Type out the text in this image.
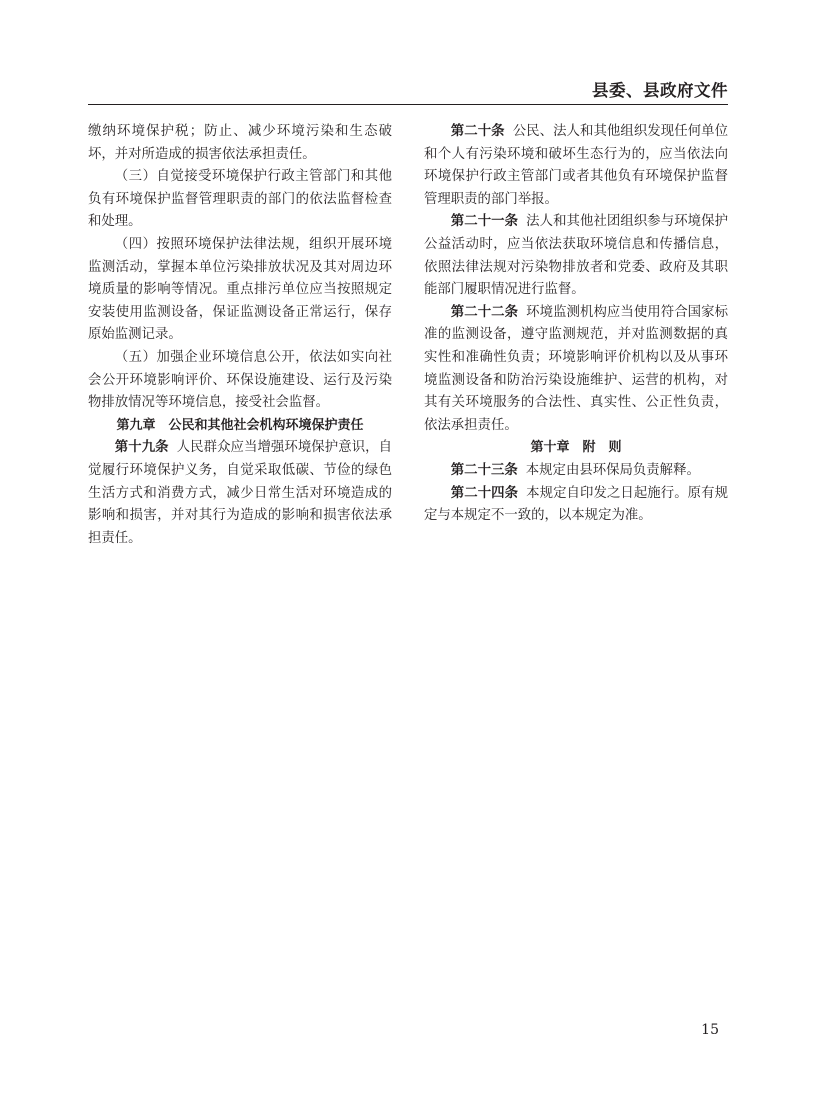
县委、县政府文件

缴纳环境保护税；防止、减少环境污染和生态破坏，并对所造成的损害依法承担责任。

（三）自觉接受环境保护行政主管部门和其他负有环境保护监督管理职责的部门的依法监督检查和处理。

（四）按照环境保护法律法规，组织开展环境监测活动，掌握本单位污染排放状况及其对周边环境质量的影响等情况。重点排污单位应当按照规定安装使用监测设备，保证监测设备正常运行，保存原始监测记录。

（五）加强企业环境信息公开，依法如实向社会公开环境影响评价、环保设施建设、运行及污染物排放情况等环境信息，接受社会监督。

第九章　公民和其他社会机构环境保护责任

第十九条 人民群众应当增强环境保护意识，自觉履行环境保护义务，自觉采取低碳、节俭的绿色生活方式和消费方式，减少日常生活对环境造成的影响和损害，并对其行为造成的影响和损害依法承担责任。

第二十条 公民、法人和其他组织发现任何单位和个人有污染环境和破坏生态行为的，应当依法向环境保护行政主管部门或者其他负有环境保护监督管理职责的部门举报。

第二十一条 法人和其他社团组织参与环境保护公益活动时，应当依法获取环境信息和传播信息，依照法律法规对污染物排放者和党委、政府及其职能部门履职情况进行监督。

第二十二条 环境监测机构应当使用符合国家标准的监测设备，遵守监测规范，并对监测数据的真实性和准确性负责；环境影响评价机构以及从事环境监测设备和防治污染设施维护、运营的机构，对其有关环境服务的合法性、真实性、公正性负责，依法承担责任。

第十章　附　则

第二十三条 本规定由县环保局负责解释。

第二十四条 本规定自印发之日起施行。原有规定与本规定不一致的，以本规定为准。

15
